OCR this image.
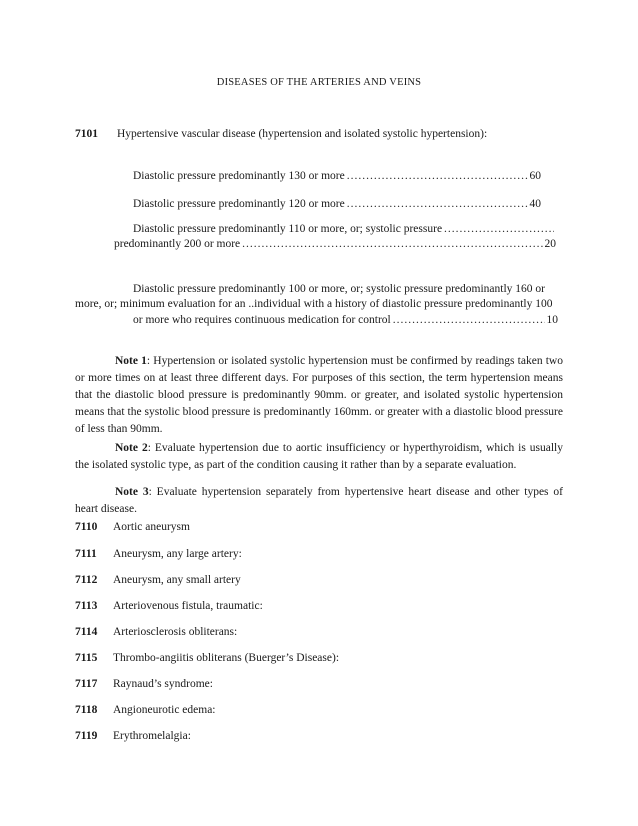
DISEASES OF THE ARTERIES AND VEINS
7101 Hypertensive vascular disease (hypertension and isolated systolic hypertension):
Diastolic pressure predominantly 130 or more .....	60
Diastolic pressure predominantly 120 or more .....	40
Diastolic pressure predominantly 110 or more, or; systolic pressure
.....
predominantly 200 or more .....	20
Diastolic pressure predominantly 100 or more, or; systolic pressure predominantly 160 or
more, or; minimum evaluation for an ..individual with a history of diastolic pressure predominantly 100
or more who requires continuous medication for control .....	10
Note 1: Hypertension or isolated systolic hypertension must be confirmed by readings taken two or more times on at least three different days. For purposes of this section, the term hypertension means that the diastolic blood pressure is predominantly 90mm. or greater, and isolated systolic hypertension means that the systolic blood pressure is predominantly 160mm. or greater with a diastolic blood pressure of less than 90mm.
Note 2: Evaluate hypertension due to aortic insufficiency or hyperthyroidism, which is usually the isolated systolic type, as part of the condition causing it rather than by a separate evaluation.
Note 3: Evaluate hypertension separately from hypertensive heart disease and other types of heart disease.
7110 Aortic aneurysm
7111 Aneurysm, any large artery:
7112 Aneurysm, any small artery
7113 Arteriovenous fistula, traumatic:
7114 Arteriosclerosis obliterans:
7115 Thrombo-angiitis obliterans (Buerger’s Disease):
7117 Raynaud’s syndrome:
7118 Angioneurotic edema:
7119 Erythromelalgia:
